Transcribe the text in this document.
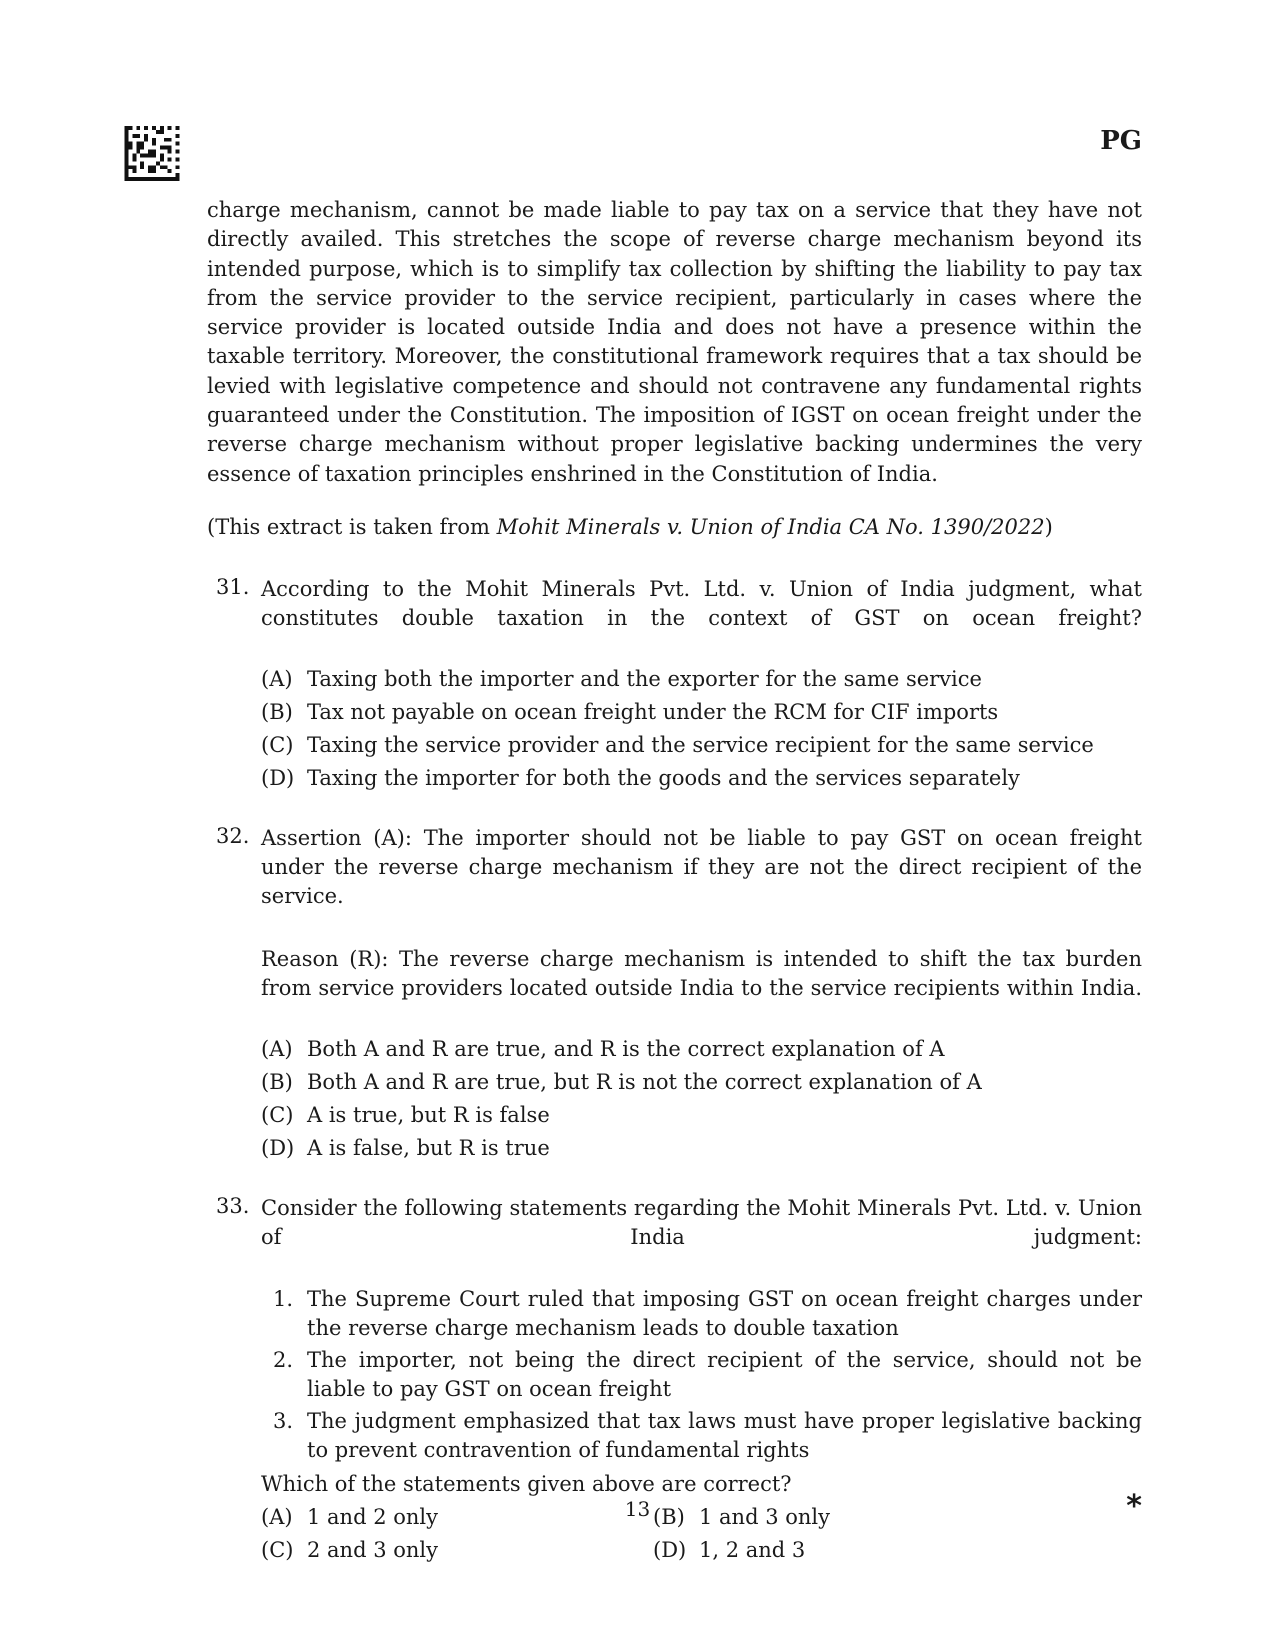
PG

charge mechanism, cannot be made liable to pay tax on a service that they have not directly availed. This stretches the scope of reverse charge mechanism beyond its intended purpose, which is to simplify tax collection by shifting the liability to pay tax from the service provider to the service recipient, particularly in cases where the service provider is located outside India and does not have a presence within the taxable territory. Moreover, the constitutional framework requires that a tax should be levied with legislative competence and should not contravene any fundamental rights guaranteed under the Constitution. The imposition of IGST on ocean freight under the reverse charge mechanism without proper legislative backing undermines the very essence of taxation principles enshrined in the Constitution of India.

(This extract is taken from Mohit Minerals v. Union of India CA No. 1390/2022)
31. According to the Mohit Minerals Pvt. Ltd. v. Union of India judgment, what constitutes double taxation in the context of GST on ocean freight?

(A) Taxing both the importer and the exporter for the same service
(B) Tax not payable on ocean freight under the RCM for CIF imports
(C) Taxing the service provider and the service recipient for the same service
(D) Taxing the importer for both the goods and the services separately
32. Assertion (A): The importer should not be liable to pay GST on ocean freight under the reverse charge mechanism if they are not the direct recipient of the service.

Reason (R): The reverse charge mechanism is intended to shift the tax burden from service providers located outside India to the service recipients within India.

(A) Both A and R are true, and R is the correct explanation of A
(B) Both A and R are true, but R is not the correct explanation of A
(C) A is true, but R is false
(D) A is false, but R is true
33. Consider the following statements regarding the Mohit Minerals Pvt. Ltd. v. Union of India judgment:

1. The Supreme Court ruled that imposing GST on ocean freight charges under the reverse charge mechanism leads to double taxation
2. The importer, not being the direct recipient of the service, should not be liable to pay GST on ocean freight
3. The judgment emphasized that tax laws must have proper legislative backing to prevent contravention of fundamental rights
Which of the statements given above are correct?
(A) 1 and 2 only	(B) 1 and 3 only
(C) 2 and 3 only	(D) 1, 2 and 3
13	*
